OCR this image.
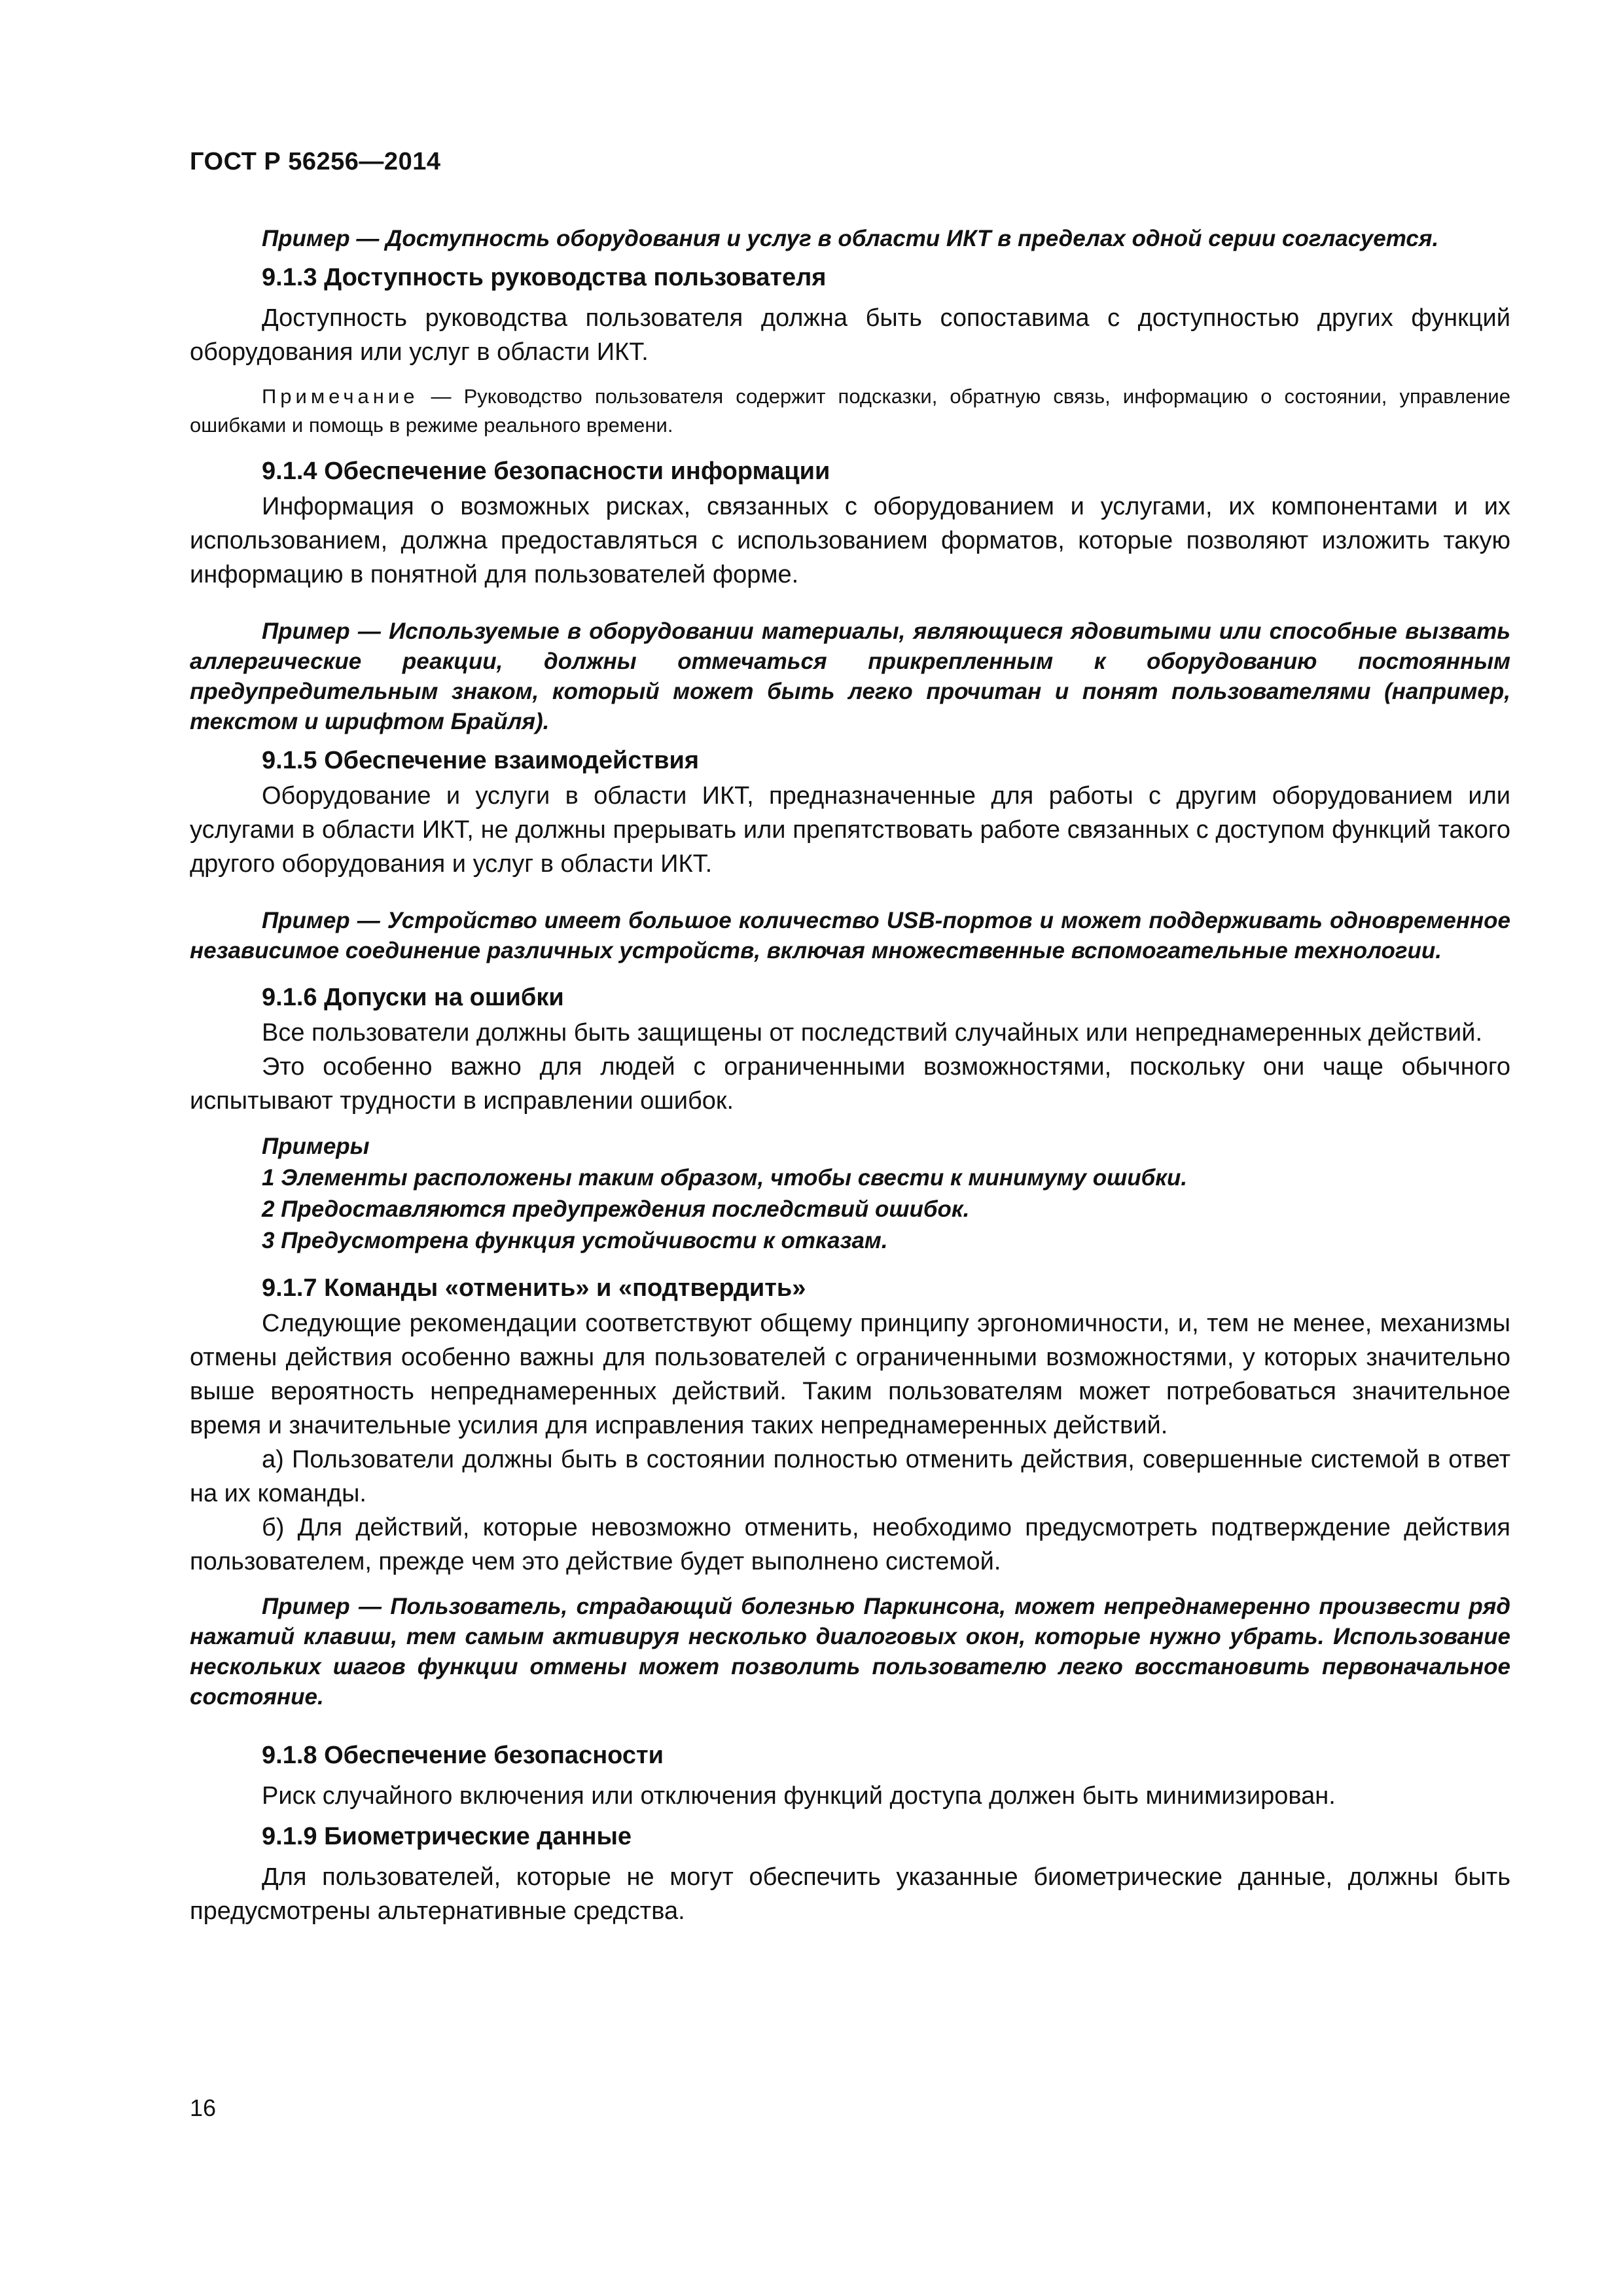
ГОСТ Р 56256—2014

Пример — Доступность оборудования и услуг в области ИКТ в пределах одной серии согласуется.

9.1.3 Доступность руководства пользователя

Доступность руководства пользователя должна быть сопоставима с доступностью других функций оборудования или услуг в области ИКТ.

Примечание — Руководство пользователя содержит подсказки, обратную связь, информацию о состоянии, управление ошибками и помощь в режиме реального времени.

9.1.4 Обеспечение безопасности информации

Информация о возможных рисках, связанных с оборудованием и услугами, их компонентами и их использованием, должна предоставляться с использованием форматов, которые позволяют изложить такую информацию в понятной для пользователей форме.

Пример — Используемые в оборудовании материалы, являющиеся ядовитыми или способные вызвать аллергические реакции, должны отмечаться прикрепленным к оборудованию постоянным предупредительным знаком, который может быть легко прочитан и понят пользователями (например, текстом и шрифтом Брайля).

9.1.5 Обеспечение взаимодействия

Оборудование и услуги в области ИКТ, предназначенные для работы с другим оборудованием или услугами в области ИКТ, не должны прерывать или препятствовать работе связанных с доступом функций такого другого оборудования и услуг в области ИКТ.

Пример — Устройство имеет большое количество USB-портов и может поддерживать одновременное независимое соединение различных устройств, включая множественные вспомогательные технологии.

9.1.6 Допуски на ошибки

Все пользователи должны быть защищены от последствий случайных или непреднамеренных действий.

Это особенно важно для людей с ограниченными возможностями, поскольку они чаще обычного испытывают трудности в исправлении ошибок.

Примеры
1 Элементы расположены таким образом, чтобы свести к минимуму ошибки.
2 Предоставляются предупреждения последствий ошибок.
3 Предусмотрена функция устойчивости к отказам.
9.1.7 Команды «отменить» и «подтвердить»

Следующие рекомендации соответствуют общему принципу эргономичности, и, тем не менее, механизмы отмены действия особенно важны для пользователей с ограниченными возможностями, у которых значительно выше вероятность непреднамеренных действий. Таким пользователям может потребоваться значительное время и значительные усилия для исправления таких непреднамеренных действий.

а) Пользователи должны быть в состоянии полностью отменить действия, совершенные системой в ответ на их команды.

б) Для действий, которые невозможно отменить, необходимо предусмотреть подтверждение действия пользователем, прежде чем это действие будет выполнено системой.

Пример — Пользователь, страдающий болезнью Паркинсона, может непреднамеренно произвести ряд нажатий клавиш, тем самым активируя несколько диалоговых окон, которые нужно убрать. Использование нескольких шагов функции отмены может позволить пользователю легко восстановить первоначальное состояние.

9.1.8 Обеспечение безопасности

Риск случайного включения или отключения функций доступа должен быть минимизирован.

9.1.9 Биометрические данные

Для пользователей, которые не могут обеспечить указанные биометрические данные, должны быть предусмотрены альтернативные средства.

16
